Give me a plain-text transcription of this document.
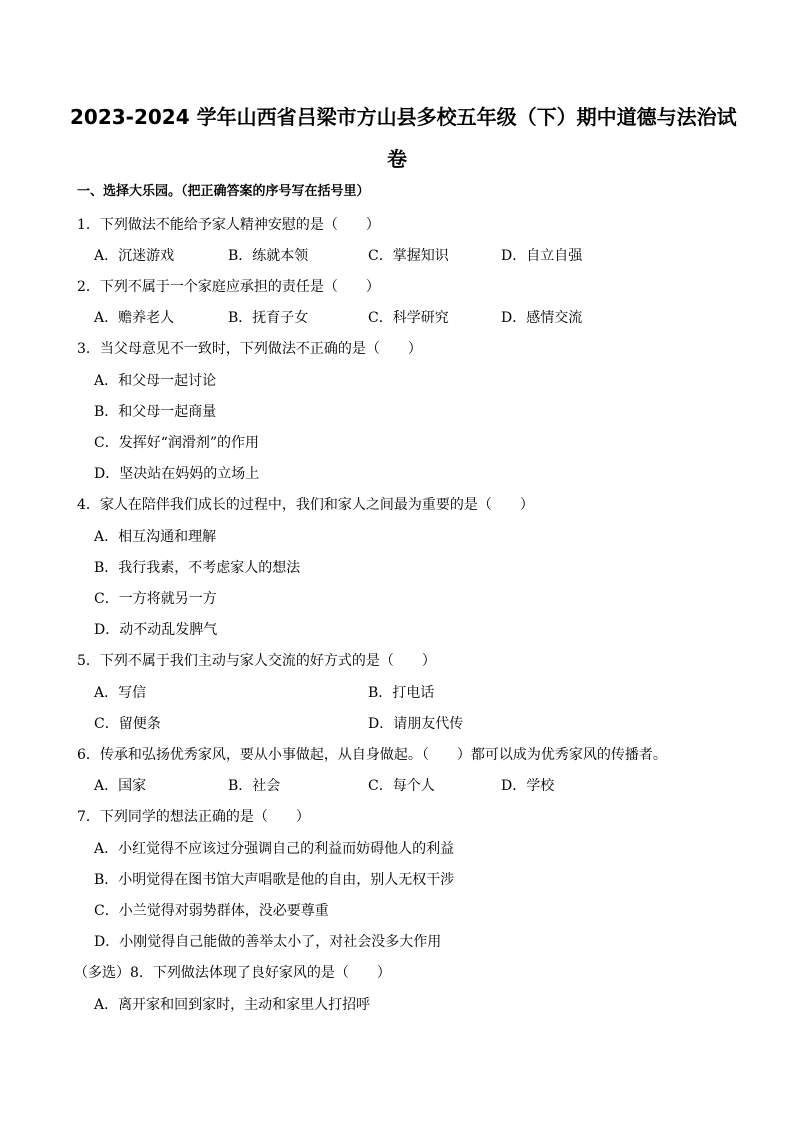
2023-2024 学年山西省吕梁市方山县多校五年级（下）期中道德与法治试
卷
一、选择大乐园。（把正确答案的序号写在括号里）
1．下列做法不能给予家人精神安慰的是（　　）
A．沉迷游戏	B．练就本领	C．掌握知识	D．自立自强
2．下列不属于一个家庭应承担的责任是（　　）
A．赡养老人	B．抚育子女	C．科学研究	D．感情交流
3．当父母意见不一致时，下列做法不正确的是（　　）
A．和父母一起讨论
B．和父母一起商量
C．发挥好“润滑剂”的作用
D．坚决站在妈妈的立场上
4．家人在陪伴我们成长的过程中，我们和家人之间最为重要的是（　　）
A．相互沟通和理解
B．我行我素，不考虑家人的想法
C．一方将就另一方
D．动不动乱发脾气
5．下列不属于我们主动与家人交流的好方式的是（　　）
A．写信	B．打电话
C．留便条	D．请朋友代传
6．传承和弘扬优秀家风，要从小事做起，从自身做起。（　　）都可以成为优秀家风的传播者。
A．国家	B．社会	C．每个人	D．学校
7．下列同学的想法正确的是（　　）
A．小红觉得不应该过分强调自己的利益而妨碍他人的利益
B．小明觉得在图书馆大声唱歌是他的自由，别人无权干涉
C．小兰觉得对弱势群体，没必要尊重
D．小刚觉得自己能做的善举太小了，对社会没多大作用
（多选）8．下列做法体现了良好家风的是（　　）
A．离开家和回到家时，主动和家里人打招呼
